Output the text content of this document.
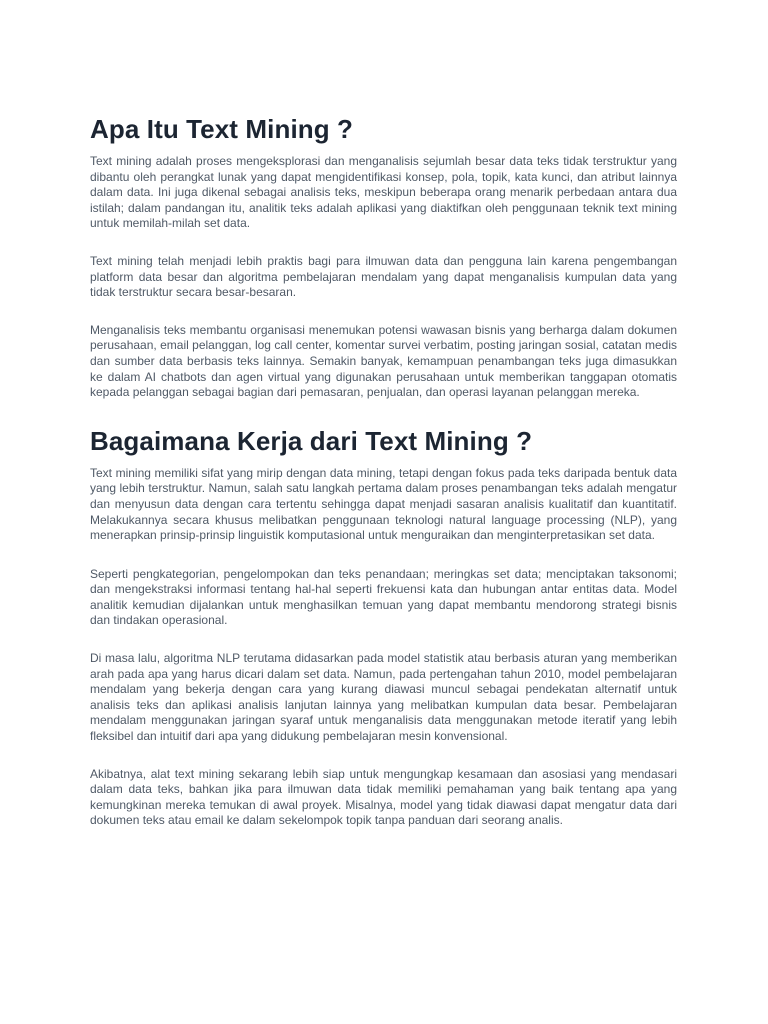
Apa Itu Text Mining ?

Text mining adalah proses mengeksplorasi dan menganalisis sejumlah besar data teks tidak terstruktur yang dibantu oleh perangkat lunak yang dapat mengidentifikasi konsep, pola, topik, kata kunci, dan atribut lainnya dalam data. Ini juga dikenal sebagai analisis teks, meskipun beberapa orang menarik perbedaan antara dua istilah; dalam pandangan itu, analitik teks adalah aplikasi yang diaktifkan oleh penggunaan teknik text mining untuk memilah-milah set data.

Text mining telah menjadi lebih praktis bagi para ilmuwan data dan pengguna lain karena pengembangan platform data besar dan algoritma pembelajaran mendalam yang dapat menganalisis kumpulan data yang tidak terstruktur secara besar-besaran.

Menganalisis teks membantu organisasi menemukan potensi wawasan bisnis yang berharga dalam dokumen perusahaan, email pelanggan, log call center, komentar survei verbatim, posting jaringan sosial, catatan medis dan sumber data berbasis teks lainnya. Semakin banyak, kemampuan penambangan teks juga dimasukkan ke dalam AI chatbots dan agen virtual yang digunakan perusahaan untuk memberikan tanggapan otomatis kepada pelanggan sebagai bagian dari pemasaran, penjualan, dan operasi layanan pelanggan mereka.

Bagaimana Kerja dari Text Mining ?

Text mining memiliki sifat yang mirip dengan data mining, tetapi dengan fokus pada teks daripada bentuk data yang lebih terstruktur. Namun, salah satu langkah pertama dalam proses penambangan teks adalah mengatur dan menyusun data dengan cara tertentu sehingga dapat menjadi sasaran analisis kualitatif dan kuantitatif. Melakukannya secara khusus melibatkan penggunaan teknologi natural language processing (NLP), yang menerapkan prinsip-prinsip linguistik komputasional untuk menguraikan dan menginterpretasikan set data.

Seperti pengkategorian, pengelompokan dan teks penandaan; meringkas set data; menciptakan taksonomi; dan mengekstraksi informasi tentang hal-hal seperti frekuensi kata dan hubungan antar entitas data. Model analitik kemudian dijalankan untuk menghasilkan temuan yang dapat membantu mendorong strategi bisnis dan tindakan operasional.

Di masa lalu, algoritma NLP terutama didasarkan pada model statistik atau berbasis aturan yang memberikan arah pada apa yang harus dicari dalam set data. Namun, pada pertengahan tahun 2010, model pembelajaran mendalam yang bekerja dengan cara yang kurang diawasi muncul sebagai pendekatan alternatif untuk analisis teks dan aplikasi analisis lanjutan lainnya yang melibatkan kumpulan data besar. Pembelajaran mendalam menggunakan jaringan syaraf untuk menganalisis data menggunakan metode iteratif yang lebih fleksibel dan intuitif dari apa yang didukung pembelajaran mesin konvensional.

Akibatnya, alat text mining sekarang lebih siap untuk mengungkap kesamaan dan asosiasi yang mendasari dalam data teks, bahkan jika para ilmuwan data tidak memiliki pemahaman yang baik tentang apa yang kemungkinan mereka temukan di awal proyek. Misalnya, model yang tidak diawasi dapat mengatur data dari dokumen teks atau email ke dalam sekelompok topik tanpa panduan dari seorang analis.
